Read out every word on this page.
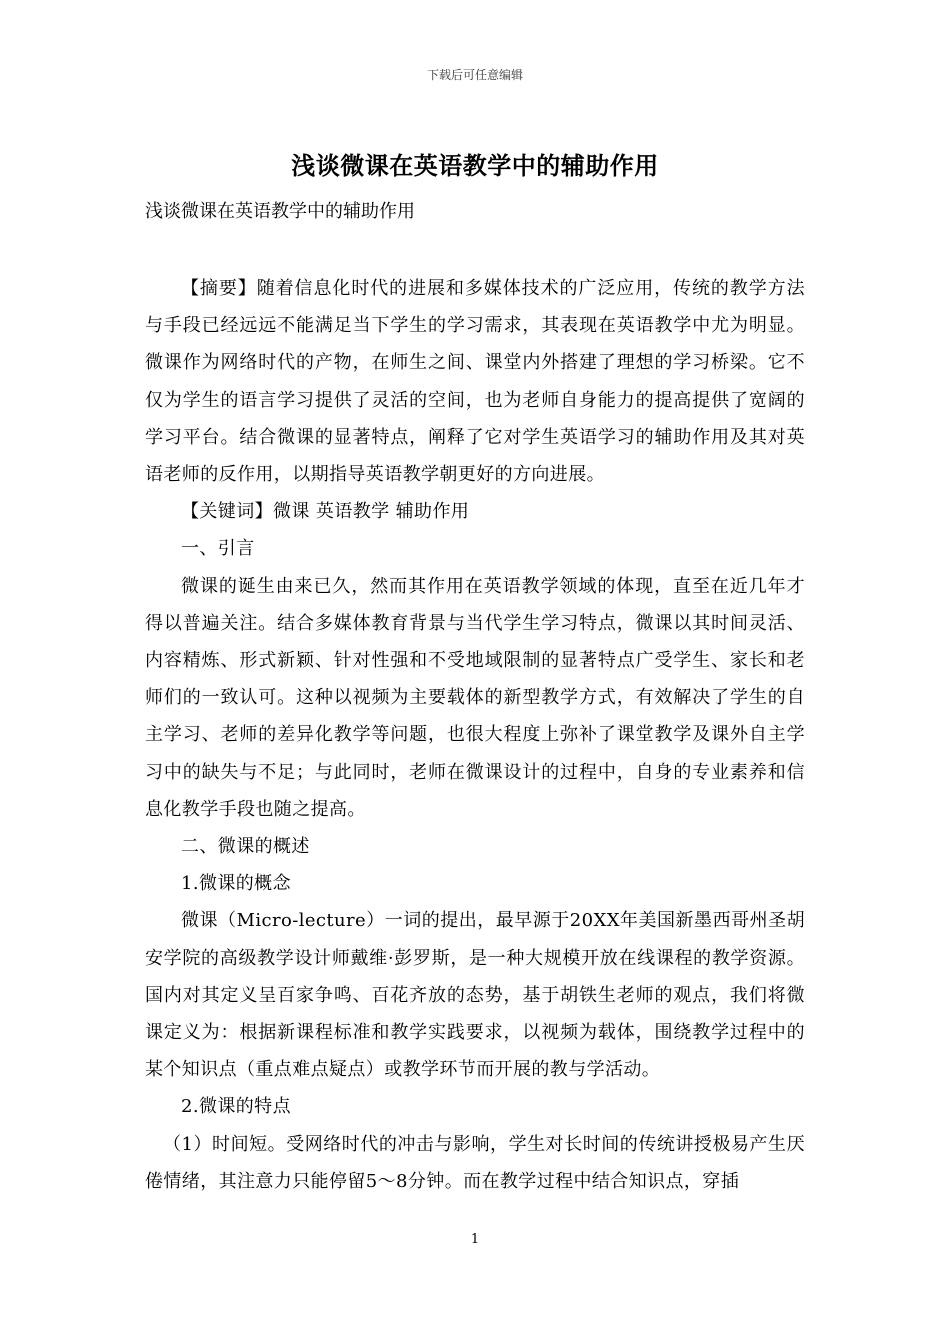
下载后可任意编辑
浅谈微课在英语教学中的辅助作用
浅谈微课在英语教学中的辅助作用

【摘要】随着信息化时代的进展和多媒体技术的广泛应用，传统的教学方法与手段已经远远不能满足当下学生的学习需求，其表现在英语教学中尤为明显。微课作为网络时代的产物，在师生之间、课堂内外搭建了理想的学习桥梁。它不仅为学生的语言学习提供了灵活的空间，也为老师自身能力的提高提供了宽阔的学习平台。结合微课的显著特点，阐释了它对学生英语学习的辅助作用及其对英语老师的反作用，以期指导英语教学朝更好的方向进展。

【关键词】微课 英语教学 辅助作用

一、引言

微课的诞生由来已久，然而其作用在英语教学领域的体现，直至在近几年才得以普遍关注。结合多媒体教育背景与当代学生学习特点，微课以其时间灵活、内容精炼、形式新颖、针对性强和不受地域限制的显著特点广受学生、家长和老师们的一致认可。这种以视频为主要载体的新型教学方式，有效解决了学生的自主学习、老师的差异化教学等问题，也很大程度上弥补了课堂教学及课外自主学习中的缺失与不足；与此同时，老师在微课设计的过程中，自身的专业素养和信息化教学手段也随之提高。

二、微课的概述

1.微课的概念

微课（Micro-lecture）一词的提出，最早源于20XX年美国新墨西哥州圣胡安学院的高级教学设计师戴维·彭罗斯，是一种大规模开放在线课程的教学资源。国内对其定义呈百家争鸣、百花齐放的态势，基于胡铁生老师的观点，我们将微课定义为：根据新课程标准和教学实践要求，以视频为载体，围绕教学过程中的某个知识点（重点难点疑点）或教学环节而开展的教与学活动。

2.微课的特点

（1）时间短。受网络时代的冲击与影响，学生对长时间的传统讲授极易产生厌倦情绪，其注意力只能停留5～8分钟。而在教学过程中结合知识点，穿插

1
